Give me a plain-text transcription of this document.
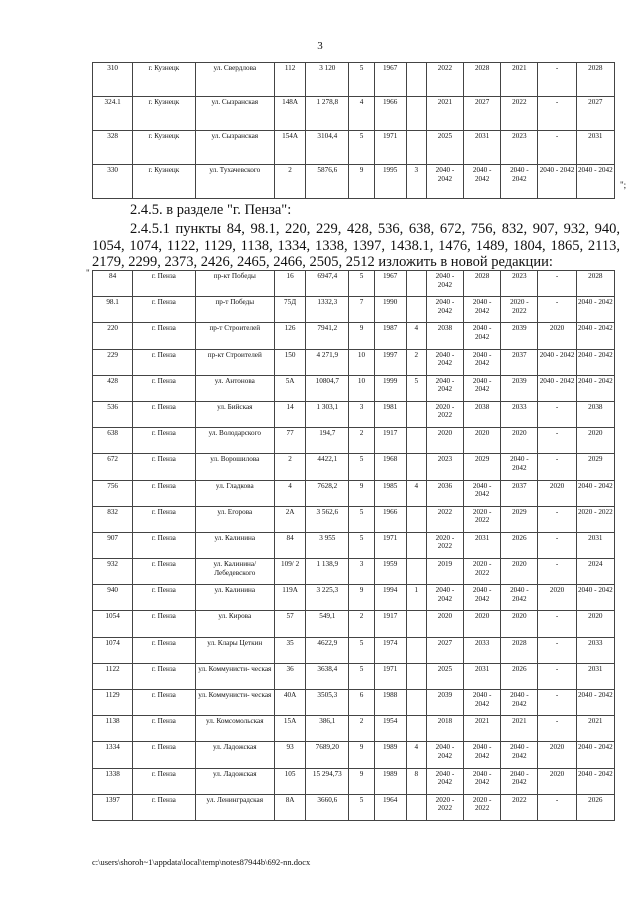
3
310	г. Кузнецк	ул. Свердлова	112	3 120	5	1967		2022	2028	2021	-	2028
324.1	г. Кузнецк	ул. Сызранская	148А	1 278,8	4	1966		2021	2027	2022	-	2027
328	г. Кузнецк	ул. Сызранская	154А	3104,4	5	1971		2025	2031	2023	-	2031
330	г. Кузнецк	ул. Тухачевского	2	5876,6	9	1995	3	2040 - 2042	2040 - 2042	2040 - 2042	2040 - 2042	2040 - 2042
";
2.4.5. в разделе "г. Пенза":
2.4.5.1 пункты 84, 98.1, 220, 229, 428, 536, 638, 672, 756, 832, 907, 932, 940, 1054, 1074, 1122, 1129, 1138, 1334, 1338, 1397, 1438.1, 1476, 1489, 1804, 1865, 2113, 2179, 2299, 2373, 2426, 2465, 2466, 2505, 2512 изложить в новой редакции:
"	84	г. Пенза	пр-кт Победы	16	6947,4	5	1967		2040 - 2042	2028	2023	-	2028
98.1	г. Пенза	пр-т Победы	75Д	1332,3	7	1990		2040 - 2042	2040 - 2042	2020 - 2022	-	2040 - 2042
220	г. Пенза	пр-т Строителей	126	7941,2	9	1987	4	2038	2040 - 2042	2039	2020	2040 - 2042
229	г. Пенза	пр-кт Строителей	150	4 271,9	10	1997	2	2040 - 2042	2040 - 2042	2037	2040 - 2042	2040 - 2042
428	г. Пенза	ул. Антонова	5А	10804,7	10	1999	5	2040 - 2042	2040 - 2042	2039	2040 - 2042	2040 - 2042
536	г. Пенза	ул. Бийская	14	1 303,1	3	1981		2020 - 2022	2038	2033	-	2038
638	г. Пенза	ул. Володарского	77	194,7	2	1917		2020	2020	2020	-	2020
672	г. Пенза	ул. Ворошилова	2	4422,1	5	1968		2023	2029	2040 - 2042	-	2029
756	г. Пенза	ул. Гладкова	4	7628,2	9	1985	4	2036	2040 - 2042	2037	2020	2040 - 2042
832	г. Пенза	ул. Егорова	2А	3 562,6	5	1966		2022	2020 - 2022	2029	-	2020 - 2022
907	г. Пенза	ул. Калинина	84	3 955	5	1971		2020 - 2022	2031	2026	-	2031
932	г. Пенза	ул. Калинина/ Лебедевского	109/ 2	1 138,9	3	1959		2019	2020 - 2022	2020	-	2024
940	г. Пенза	ул. Калинина	119А	3 225,3	9	1994	1	2040 - 2042	2040 - 2042	2040 - 2042	2020	2040 - 2042
1054	г. Пенза	ул. Кирова	57	549,1	2	1917		2020	2020	2020	-	2020
1074	г. Пенза	ул. Клары Цеткин	35	4622,9	5	1974		2027	2033	2028	-	2033
1122	г. Пенза	ул. Коммунисти- ческая	36	3638,4	5	1971		2025	2031	2026	-	2031
1129	г. Пенза	ул. Коммунисти- ческая	40А	3505,3	6	1988		2039	2040 - 2042	2040 - 2042	-	2040 - 2042
1138	г. Пенза	ул. Комсомольская	15А	386,1	2	1954		2018	2021	2021	-	2021
1334	г. Пенза	ул. Ладожская	93	7689,20	9	1989	4	2040 - 2042	2040 - 2042	2040 - 2042	2020	2040 - 2042
1338	г. Пенза	ул. Ладожская	105	15 294,73	9	1989	8	2040 - 2042	2040 - 2042	2040 - 2042	2020	2040 - 2042
1397	г. Пенза	ул. Ленинградская	8А	3660,6	5	1964		2020 - 2022	2020 - 2022	2022	-	2026
c:\users\shoroh~1\appdata\local\temp\notes87944b\692-nn.docx
